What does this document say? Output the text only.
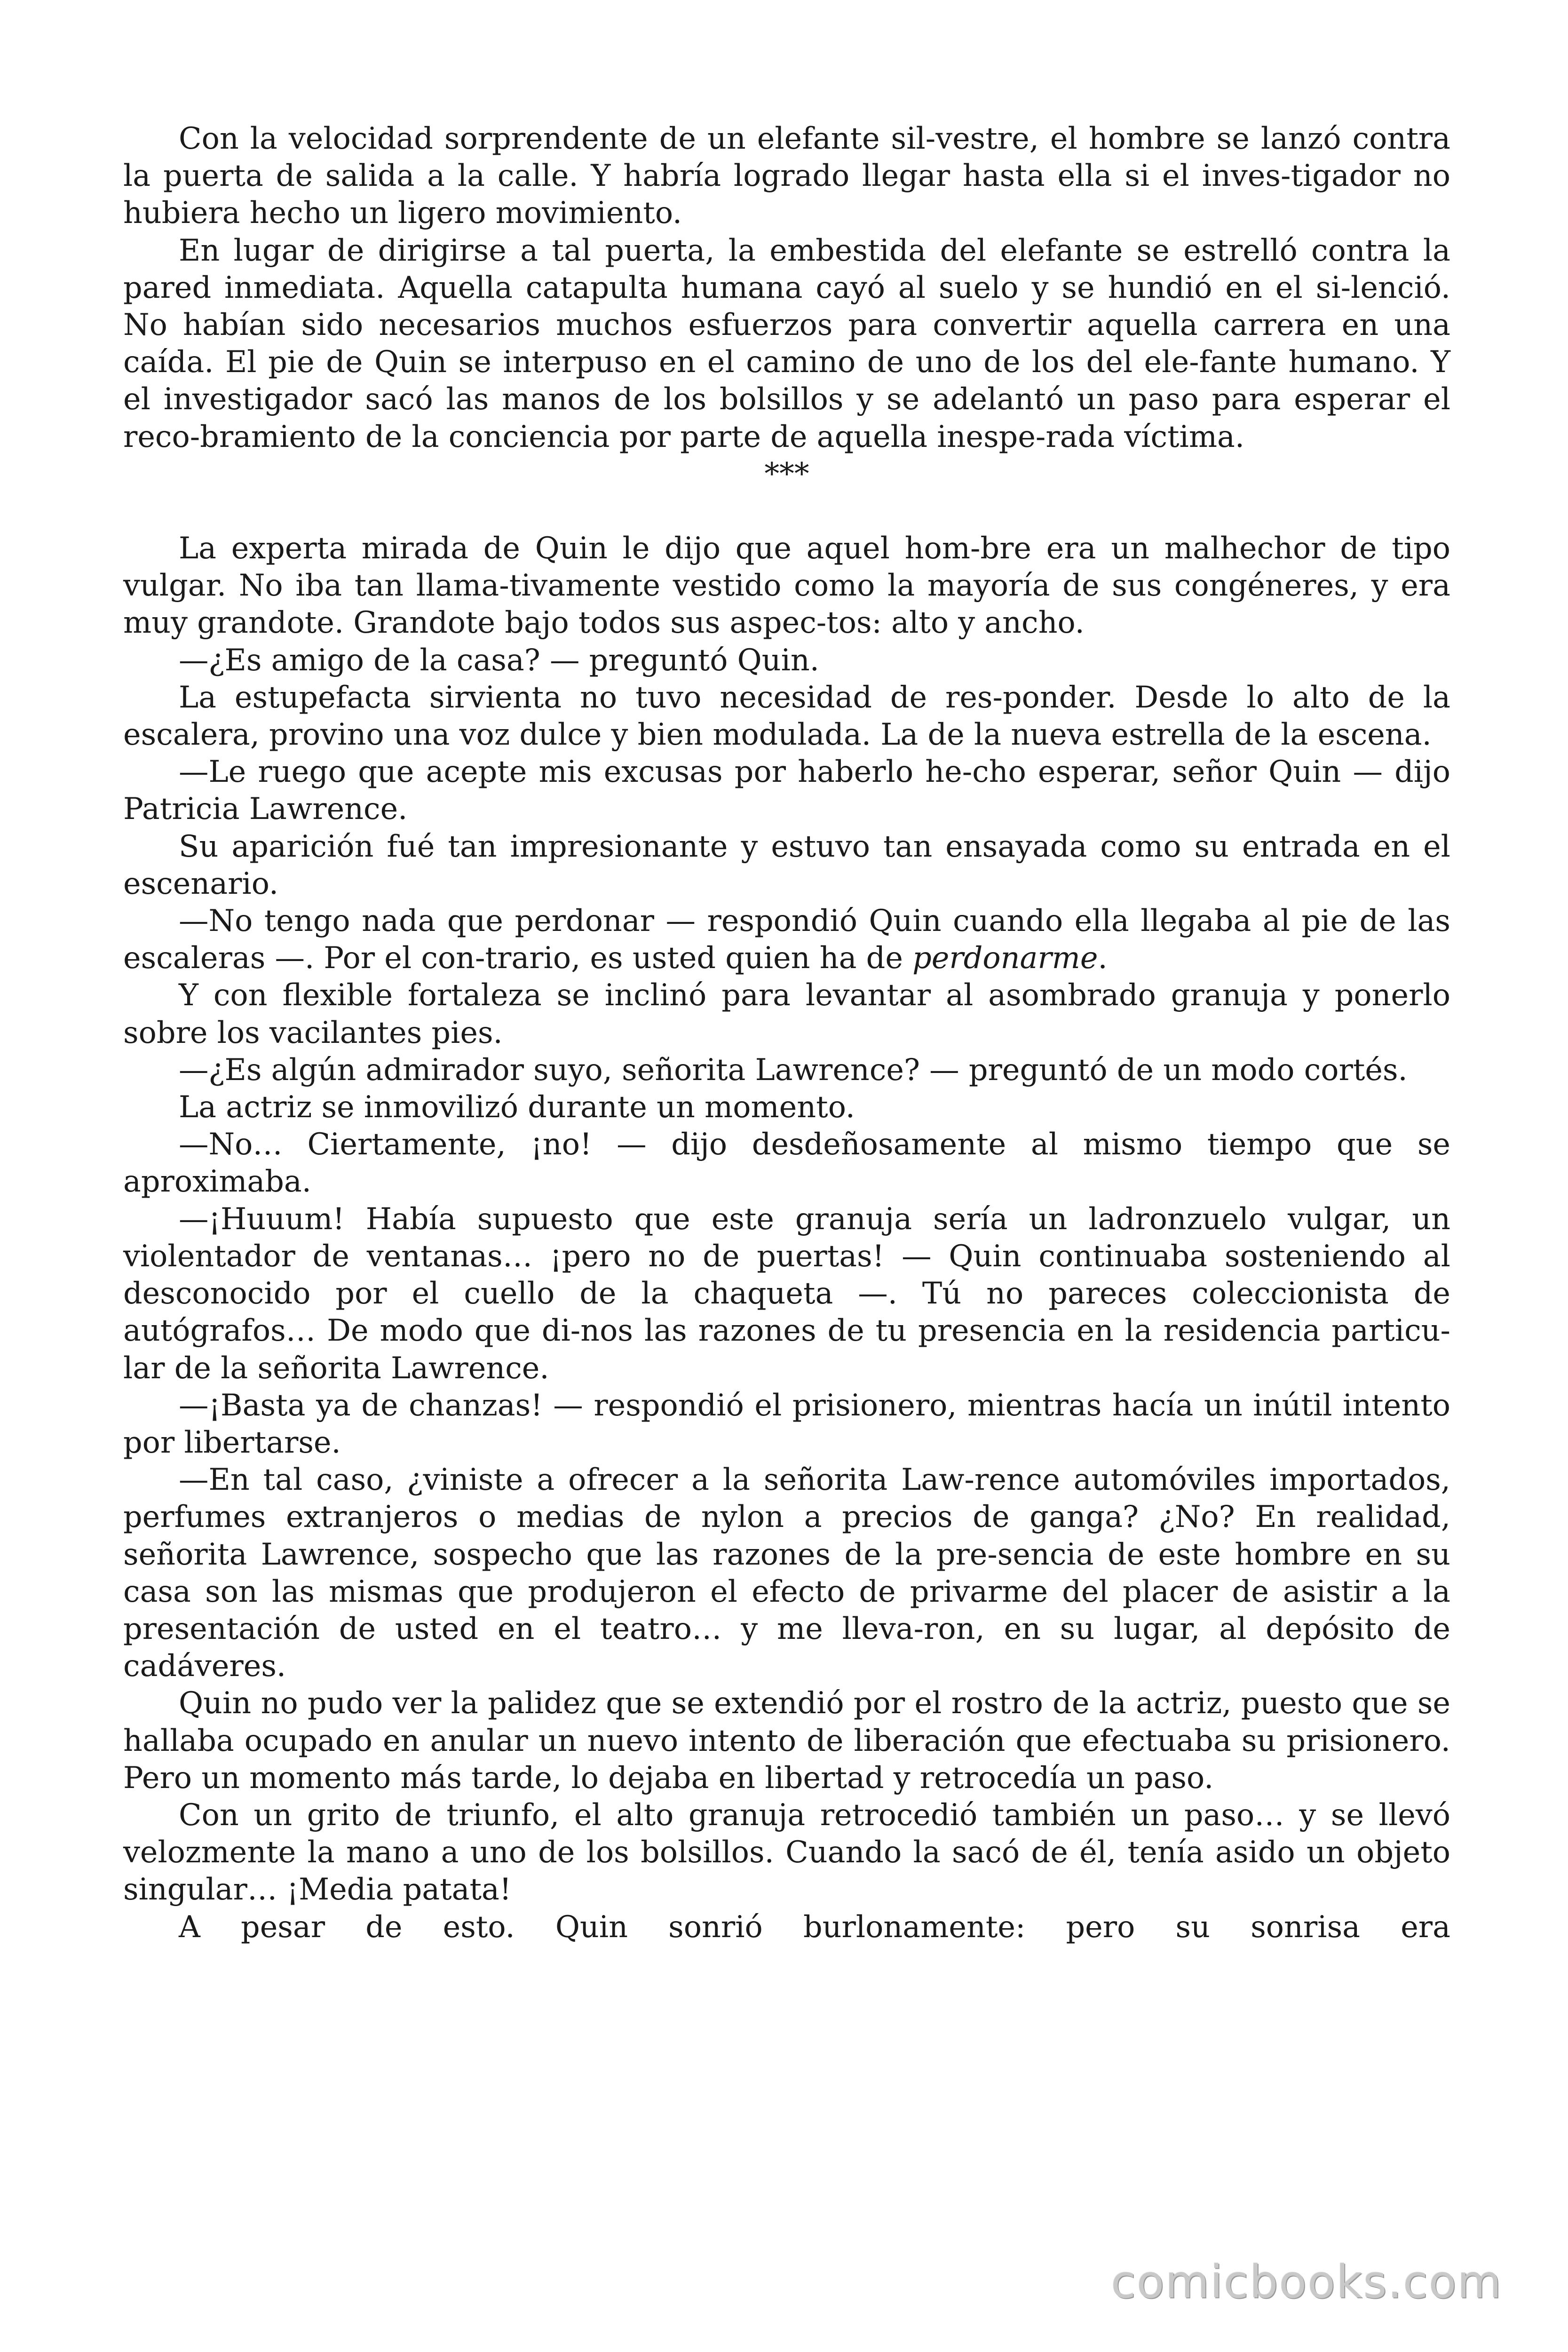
Con la velocidad sorprendente de un elefante sil-vestre, el hombre se lanzó contra la puerta de salida a la calle. Y habría logrado llegar hasta ella si el inves-tigador no hubiera hecho un ligero movimiento.

En lugar de dirigirse a tal puerta, la embestida del elefante se estrelló contra la pared inmediata. Aquella catapulta humana cayó al suelo y se hundió en el si-lenció. No habían sido necesarios muchos esfuerzos para convertir aquella carrera en una caída. El pie de Quin se interpuso en el camino de uno de los del ele-fante humano. Y el investigador sacó las manos de los bolsillos y se adelantó un paso para esperar el reco-bramiento de la conciencia por parte de aquella inespe-rada víctima.

***

La experta mirada de Quin le dijo que aquel hom-bre era un malhechor de tipo vulgar. No iba tan llama-tivamente vestido como la mayoría de sus congéneres, y era muy grandote. Grandote bajo todos sus aspec-tos: alto y ancho.

—¿Es amigo de la casa? — preguntó Quin.

La estupefacta sirvienta no tuvo necesidad de res-ponder. Desde lo alto de la escalera, provino una voz dulce y bien modulada. La de la nueva estrella de la escena.

—Le ruego que acepte mis excusas por haberlo he-cho esperar, señor Quin — dijo Patricia Lawrence.

Su aparición fué tan impresionante y estuvo tan ensayada como su entrada en el escenario.

—No tengo nada que perdonar — respondió Quin cuando ella llegaba al pie de las escaleras —. Por el con-trario, es usted quien ha de perdonarme.

Y con flexible fortaleza se inclinó para levantar al asombrado granuja y ponerlo sobre los vacilantes pies.

—¿Es algún admirador suyo, señorita Lawrence? — preguntó de un modo cortés.

La actriz se inmovilizó durante un momento.

—No… Ciertamente, ¡no! — dijo desdeñosamente al mismo tiempo que se aproximaba.

—¡Huuum! Había supuesto que este granuja sería un ladronzuelo vulgar, un violentador de ventanas… ¡pero no de puertas! — Quin continuaba sosteniendo al desconocido por el cuello de la chaqueta —. Tú no pareces coleccionista de autógrafos… De modo que di-nos las razones de tu presencia en la residencia particu-lar de la señorita Lawrence.

—¡Basta ya de chanzas! — respondió el prisionero, mientras hacía un inútil intento por libertarse.

—En tal caso, ¿viniste a ofrecer a la señorita Law-rence automóviles importados, perfumes extranjeros o medias de nylon a precios de ganga? ¿No? En realidad, señorita Lawrence, sospecho que las razones de la pre-sencia de este hombre en su casa son las mismas que produjeron el efecto de privarme del placer de asistir a la presentación de usted en el teatro… y me lleva-ron, en su lugar, al depósito de cadáveres.

Quin no pudo ver la palidez que se extendió por el rostro de la actriz, puesto que se hallaba ocupado en anular un nuevo intento de liberación que efectuaba su prisionero. Pero un momento más tarde, lo dejaba en libertad y retrocedía un paso.

Con un grito de triunfo, el alto granuja retrocedió también un paso… y se llevó velozmente la mano a uno de los bolsillos. Cuando la sacó de él, tenía asido un objeto singular… ¡Media patata!

A pesar de esto. Quin sonrió burlonamente: pero su sonrisa era

comicbooks.com
